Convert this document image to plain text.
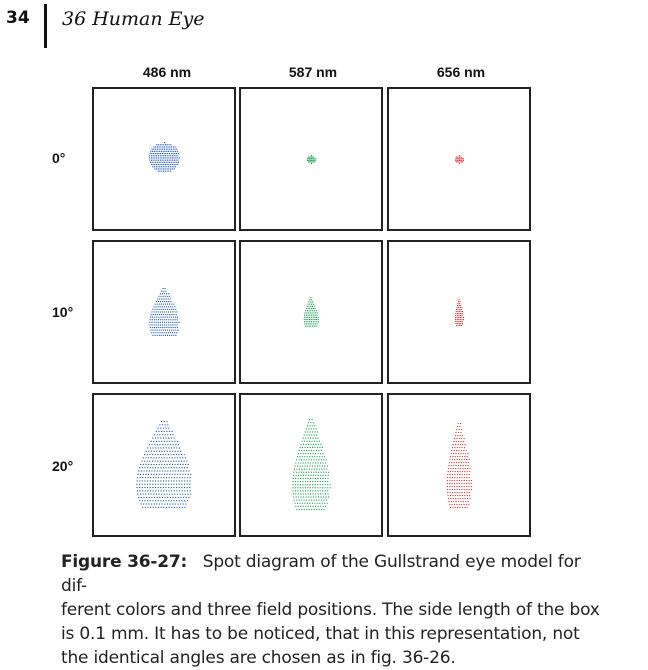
34 36 Human Eye
486 nm	587 nm	656 nm
0°
10°
20°
Figure 36-27: Spot diagram of the Gullstrand eye model for dif-
ferent colors and three field positions. The side length of the box
is 0.1 mm. It has to be noticed, that in this representation, not
the identical angles are chosen as in fig. 36-26.
